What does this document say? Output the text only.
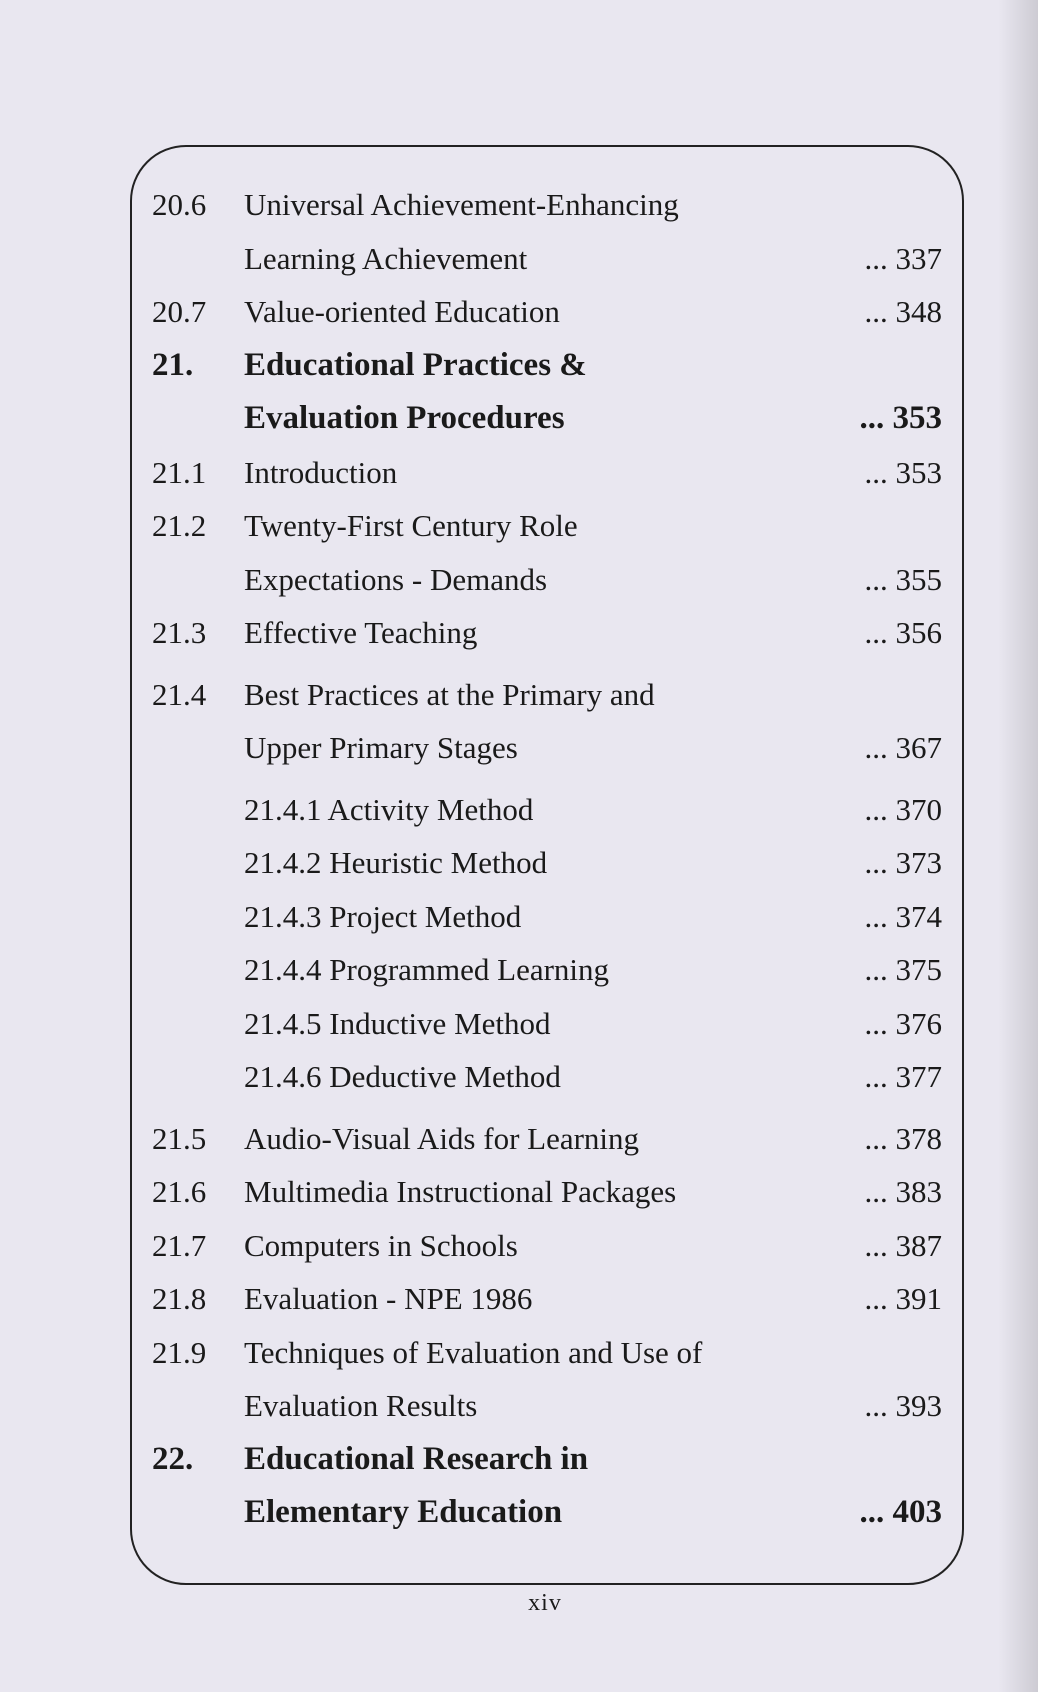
20.6 Universal Achievement-Enhancing
Learning Achievement	... 337
20.7 Value-oriented Education	... 348
21. Educational Practices &
Evaluation Procedures	... 353
21.1 Introduction	... 353
21.2 Twenty-First Century Role
Expectations - Demands	... 355
21.3 Effective Teaching	... 356
21.4 Best Practices at the Primary and
Upper Primary Stages	... 367
21.4.1 Activity Method	... 370
21.4.2 Heuristic Method	... 373
21.4.3 Project Method	... 374
21.4.4 Programmed Learning	... 375
21.4.5 Inductive Method	... 376
21.4.6 Deductive Method	... 377
21.5 Audio-Visual Aids for Learning	... 378
21.6 Multimedia Instructional Packages	... 383
21.7 Computers in Schools	... 387
21.8 Evaluation - NPE 1986	... 391
21.9 Techniques of Evaluation and Use of
Evaluation Results	... 393
22. Educational Research in
Elementary Education	... 403
xiv
